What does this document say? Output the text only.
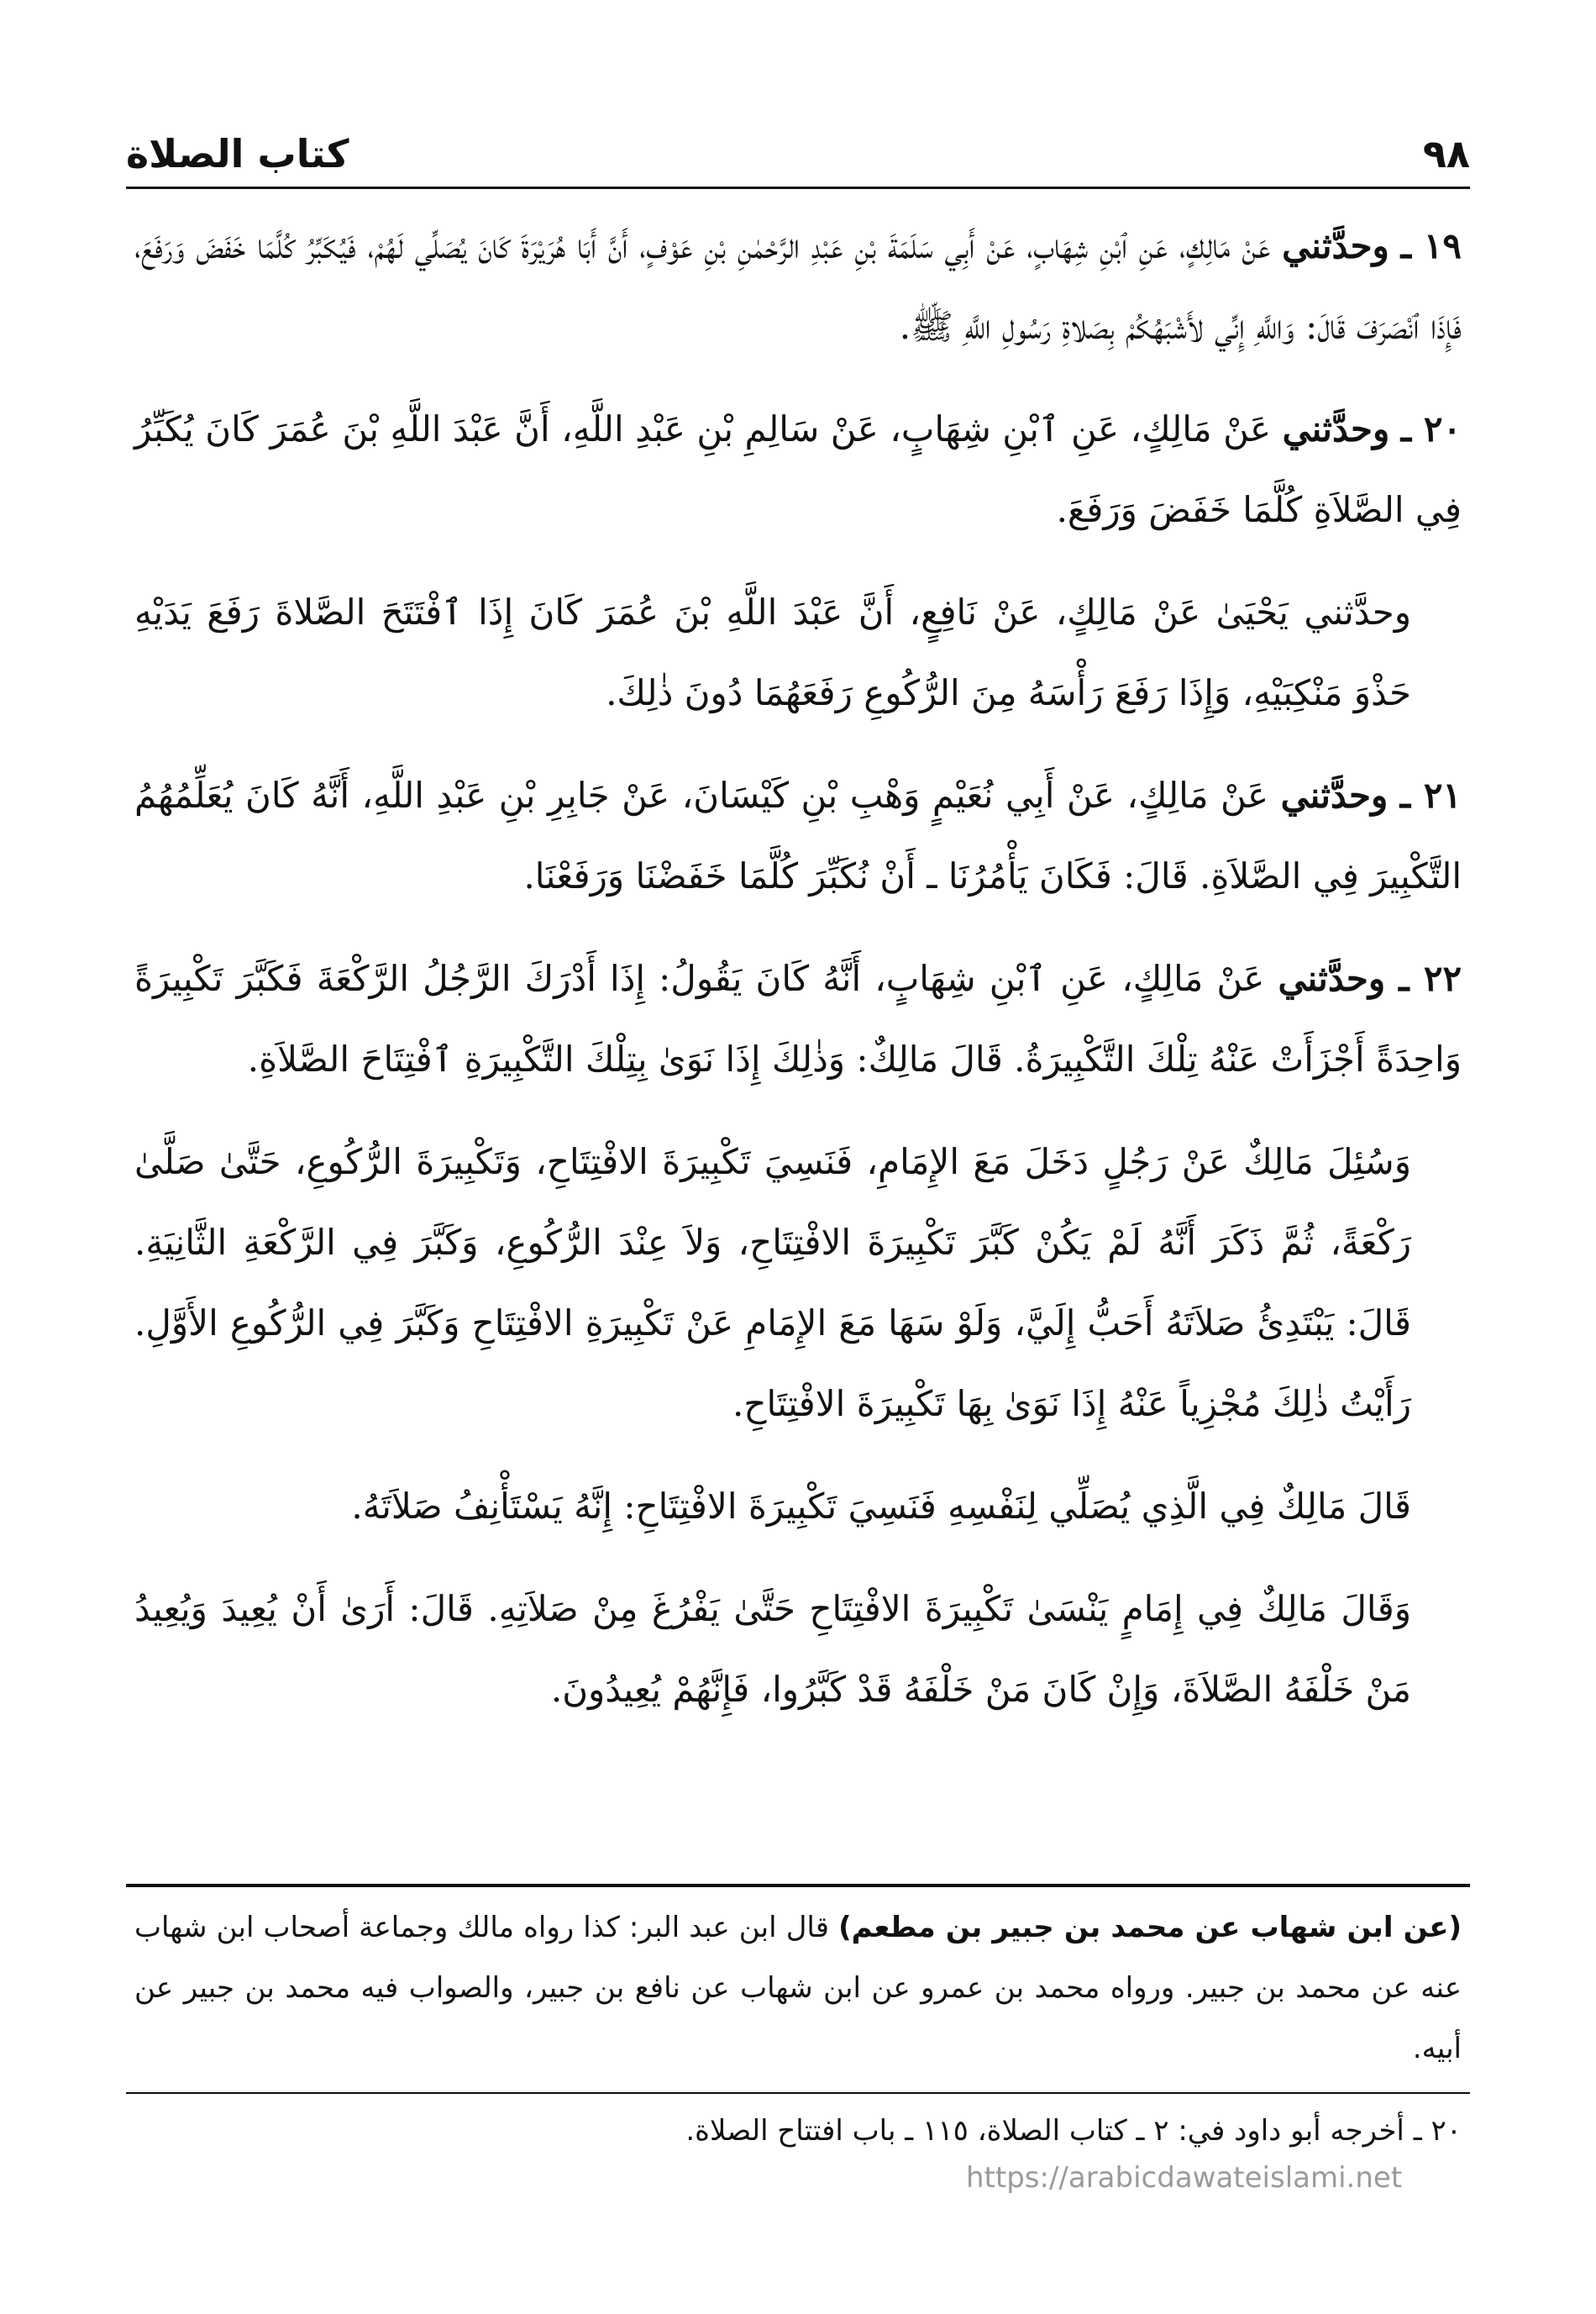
٩٨
كتاب الصلاة

١٩ ـ وحدَّثني عَنْ مَالِكٍ، عَنِ ٱبْنِ شِهَابٍ، عَنْ أَبِي سَلَمَةَ بْنِ عَبْدِ الرَّحْمٰنِ بْنِ عَوْفٍ، أَنَّ أَبَا هُرَيْرَةَ كَانَ يُصَلِّي لَهُمْ، فَيُكَبِّرُ كُلَّمَا خَفَضَ وَرَفَعَ، فَإِذَا ٱنْصَرَفَ قَالَ: وَاللَّهِ إِنِّي لأَشْبَهُكُمْ بِصَلاةِ رَسُولِ اللَّهِ ﷺ.

٢٠ ـ وحدَّثني عَنْ مَالِكٍ، عَنِ ٱبْنِ شِهَابٍ، عَنْ سَالِمِ بْنِ عَبْدِ اللَّهِ، أَنَّ عَبْدَ اللَّهِ بْنَ عُمَرَ كَانَ يُكَبِّرُ فِي الصَّلاَةِ كُلَّمَا خَفَضَ وَرَفَعَ.

وحدَّثني يَحْيَىٰ عَنْ مَالِكٍ، عَنْ نَافِعٍ، أَنَّ عَبْدَ اللَّهِ بْنَ عُمَرَ كَانَ إِذَا ٱفْتَتَحَ الصَّلاةَ رَفَعَ يَدَيْهِ حَذْوَ مَنْكِبَيْهِ، وَإِذَا رَفَعَ رَأْسَهُ مِنَ الرُّكُوعِ رَفَعَهُمَا دُونَ ذٰلِكَ.

٢١ ـ وحدَّثني عَنْ مَالِكٍ، عَنْ أَبِي نُعَيْمٍ وَهْبِ بْنِ كَيْسَانَ، عَنْ جَابِرِ بْنِ عَبْدِ اللَّهِ، أَنَّهُ كَانَ يُعَلِّمُهُمُ التَّكْبِيرَ فِي الصَّلاَةِ. قَالَ: فَكَانَ يَأْمُرُنَا ـ أَنْ نُكَبِّرَ كُلَّمَا خَفَضْنَا وَرَفَعْنَا.

٢٢ ـ وحدَّثني عَنْ مَالِكٍ، عَنِ ٱبْنِ شِهَابٍ، أَنَّهُ كَانَ يَقُولُ: إِذَا أَدْرَكَ الرَّجُلُ الرَّكْعَةَ فَكَبَّرَ تَكْبِيرَةً وَاحِدَةً أَجْزَأَتْ عَنْهُ تِلْكَ التَّكْبِيرَةُ. قَالَ مَالِكٌ: وَذٰلِكَ إِذَا نَوَىٰ بِتِلْكَ التَّكْبِيرَةِ ٱفْتِتَاحَ الصَّلاَةِ.

وَسُئِلَ مَالِكٌ عَنْ رَجُلٍ دَخَلَ مَعَ الإِمَامِ، فَنَسِيَ تَكْبِيرَةَ الافْتِتَاحِ، وَتَكْبِيرَةَ الرُّكُوعِ، حَتَّىٰ صَلَّىٰ رَكْعَةً، ثُمَّ ذَكَرَ أَنَّهُ لَمْ يَكُنْ كَبَّرَ تَكْبِيرَةَ الافْتِتَاحِ، وَلاَ عِنْدَ الرُّكُوعِ، وَكَبَّرَ فِي الرَّكْعَةِ الثَّانِيَةِ. قَالَ: يَبْتَدِئُ صَلاَتَهُ أَحَبُّ إِلَيَّ، وَلَوْ سَهَا مَعَ الإِمَامِ عَنْ تَكْبِيرَةِ الافْتِتَاحِ وَكَبَّرَ فِي الرُّكُوعِ الأَوَّلِ. رَأَيْتُ ذٰلِكَ مُجْزِياً عَنْهُ إِذَا نَوَىٰ بِهَا تَكْبِيرَةَ الافْتِتَاحِ.

قَالَ مَالِكٌ فِي الَّذِي يُصَلِّي لِنَفْسِهِ فَنَسِيَ تَكْبِيرَةَ الافْتِتَاحِ: إِنَّهُ يَسْتَأْنِفُ صَلاَتَهُ.

وَقَالَ مَالِكٌ فِي إِمَامٍ يَنْسَىٰ تَكْبِيرَةَ الافْتِتَاحِ حَتَّىٰ يَفْرُغَ مِنْ صَلاَتِهِ. قَالَ: أَرَىٰ أَنْ يُعِيدَ وَيُعِيدُ مَنْ خَلْفَهُ الصَّلاَةَ، وَإِنْ كَانَ مَنْ خَلْفَهُ قَدْ كَبَّرُوا، فَإِنَّهُمْ يُعِيدُونَ.

(عن ابن شهاب عن محمد بن جبير بن مطعم) قال ابن عبد البر: كذا رواه مالك وجماعة أصحاب ابن شهاب عنه عن محمد بن جبير. ورواه محمد بن عمرو عن ابن شهاب عن نافع بن جبير، والصواب فيه محمد بن جبير عن أبيه.
٢٠ ـ أخرجه أبو داود في: ٢ ـ كتاب الصلاة، ١١٥ ـ باب افتتاح الصلاة.
https://arabicdawateislami.net
